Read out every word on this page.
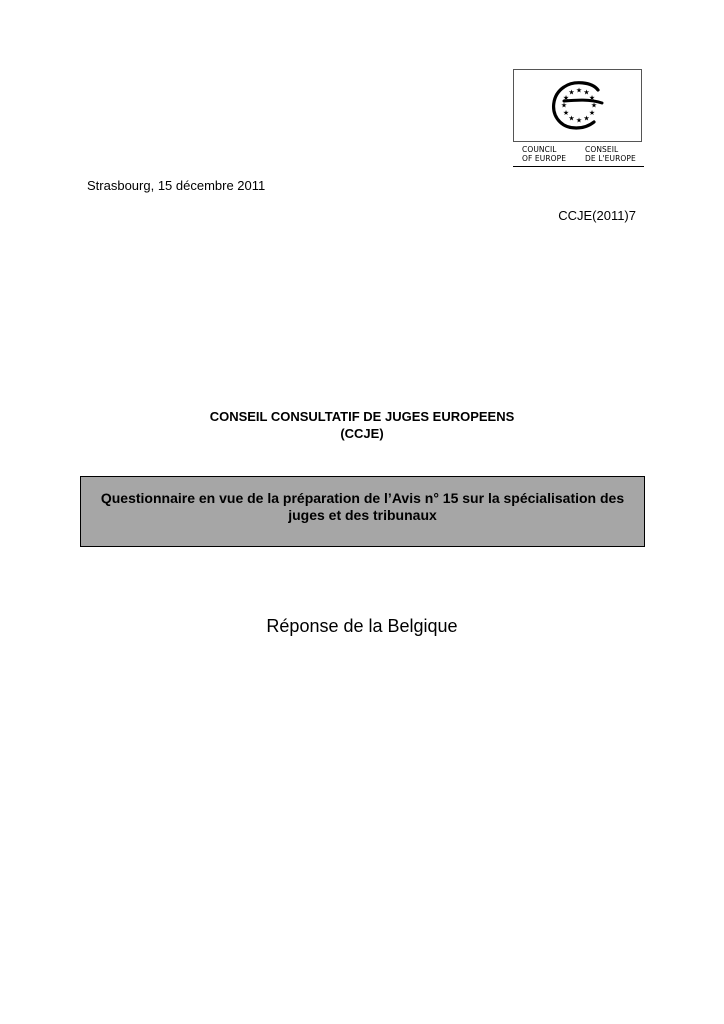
★ ★
★
★
★
★
★
★
★
★
★
★
COUNCIL
OF EUROPE
CONSEIL
DE L'EUROPE
Strasbourg, 15 décembre 2011
CCJE(2011)7
CONSEIL CONSULTATIF DE JUGES EUROPEENS
(CCJE)
Questionnaire en vue de la préparation de l’Avis n° 15 sur la spécialisation des juges et des tribunaux
Réponse de la Belgique
